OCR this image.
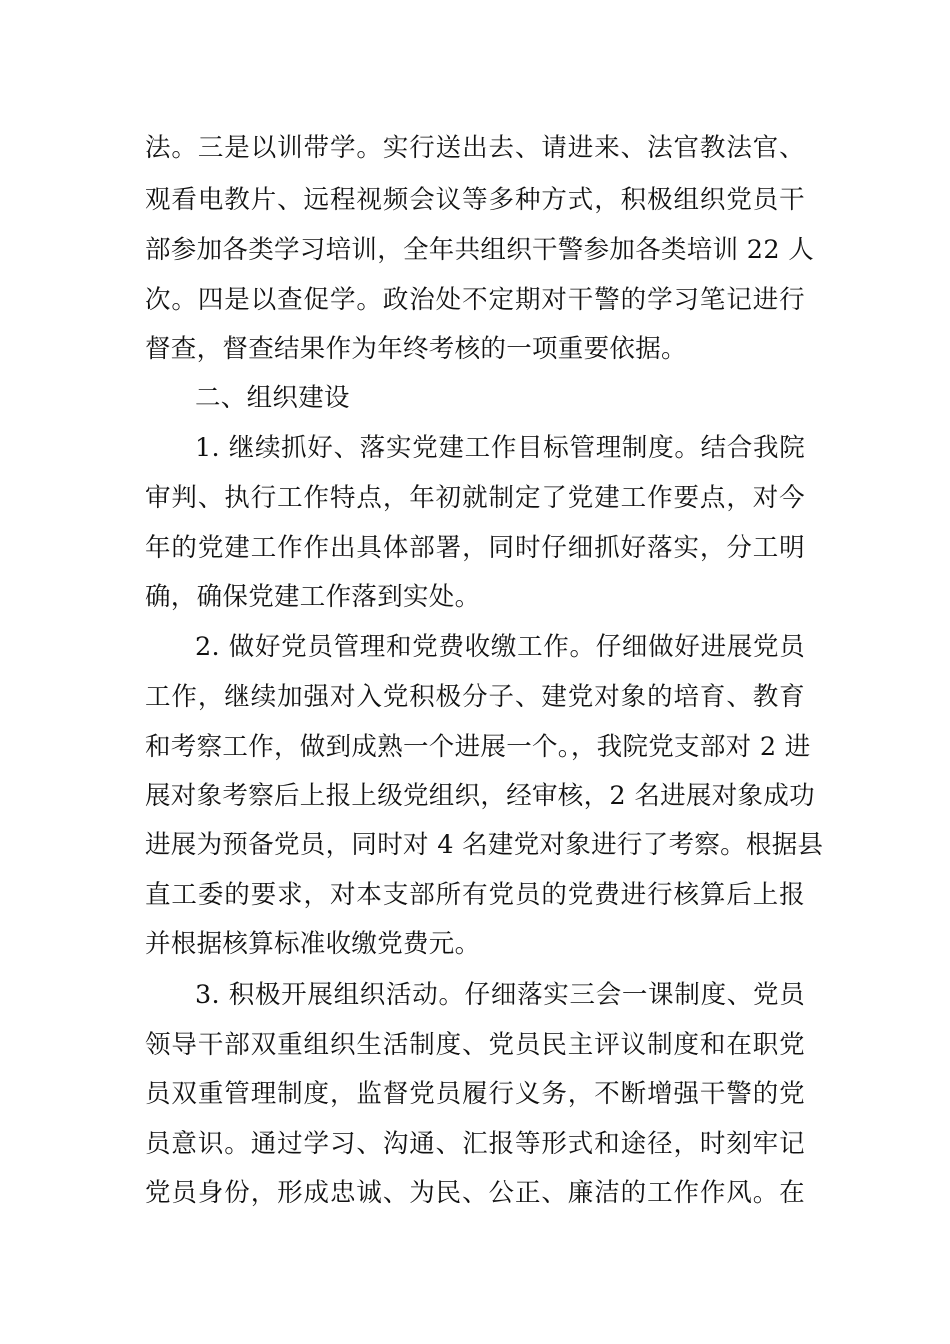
法。三是以训带学。实行送出去、请进来、法官教法官、
观看电教片、远程视频会议等多种方式，积极组织党员干
部参加各类学习培训，全年共组织干警参加各类培训 22 人
次。四是以查促学。政治处不定期对干警的学习笔记进行
督查，督查结果作为年终考核的一项重要依据。
二、组织建设
1. 继续抓好、落实党建工作目标管理制度。结合我院
审判、执行工作特点，年初就制定了党建工作要点，对今
年的党建工作作出具体部署，同时仔细抓好落实，分工明
确，确保党建工作落到实处。
2. 做好党员管理和党费收缴工作。仔细做好进展党员
工作，继续加强对入党积极分子、建党对象的培育、教育
和考察工作，做到成熟一个进展一个。，我院党支部对 2 进
展对象考察后上报上级党组织，经审核，2 名进展对象成功
进展为预备党员，同时对 4 名建党对象进行了考察。根据县
直工委的要求，对本支部所有党员的党费进行核算后上报
并根据核算标准收缴党费元。
3. 积极开展组织活动。仔细落实三会一课制度、党员
领导干部双重组织生活制度、党员民主评议制度和在职党
员双重管理制度，监督党员履行义务，不断增强干警的党
员意识。通过学习、沟通、汇报等形式和途径，时刻牢记
党员身份，形成忠诚、为民、公正、廉洁的工作作风。在
